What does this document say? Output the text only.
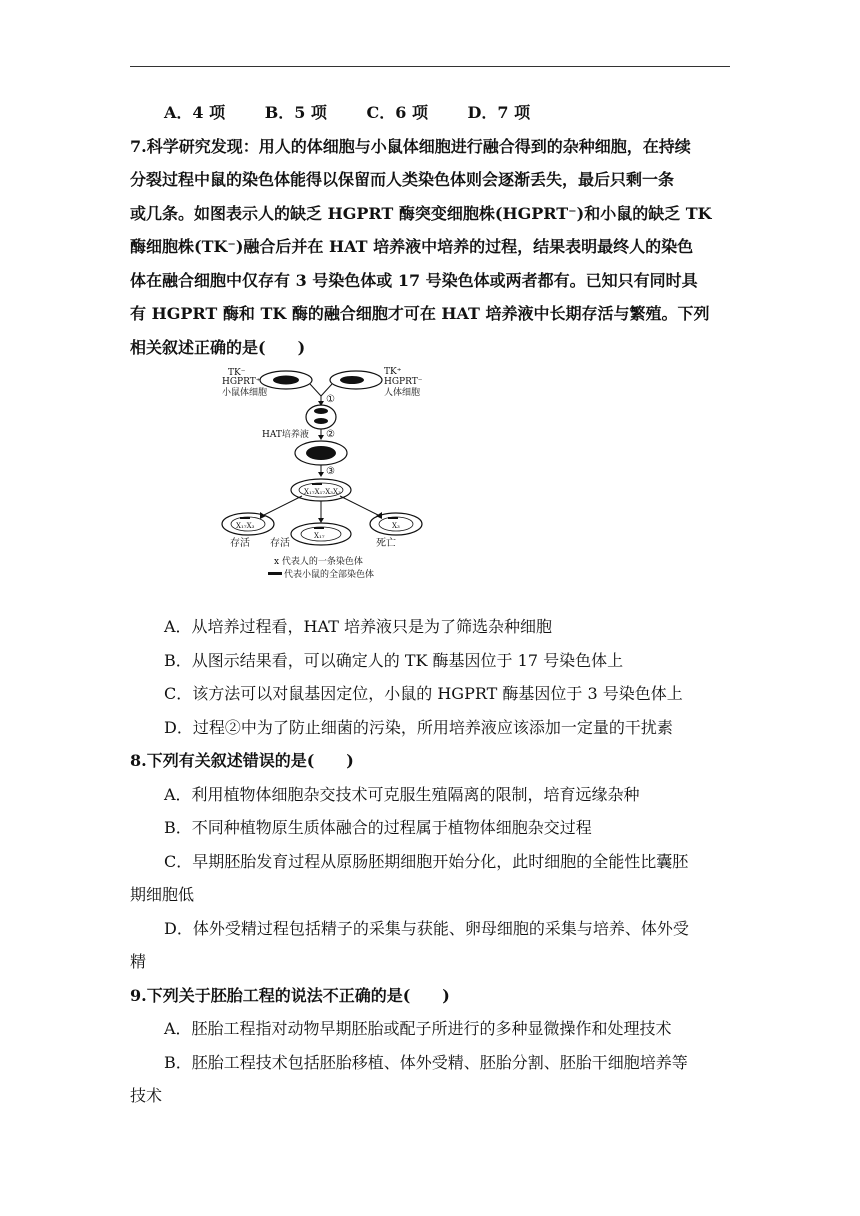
A．4 项 B．5 项 C．6 项 D．7 项
7.科学研究发现：用人的体细胞与小鼠体细胞进行融合得到的杂种细胞，在持续
分裂过程中鼠的染色体能得以保留而人类染色体则会逐渐丢失，最后只剩一条
或几条。如图表示人的缺乏 HGPRT 酶突变细胞株(HGPRT⁻)和小鼠的缺乏 TK
酶细胞株(TK⁻)融合后并在 HAT 培养液中培养的过程，结果表明最终人的染色
体在融合细胞中仅存有 3 号染色体或 17 号染色体或两者都有。已知只有同时具
有 HGPRT 酶和 TK 酶的融合细胞才可在 HAT 培养液中长期存活与繁殖。下列
相关叙述正确的是(　　)
TK⁻
HGPRT⁺
小鼠体细胞
TK⁺
HGPRT⁻
人体细胞
①
HAT培养液 ②
③
X₁₇X₁₇X₃X₃
X₁₇X₃
存活
X₁₇
存活
X₃
死亡
x 代表人的一条染色体
代表小鼠的全部染色体
A．从培养过程看，HAT 培养液只是为了筛选杂种细胞
B．从图示结果看，可以确定人的 TK 酶基因位于 17 号染色体上
C．该方法可以对鼠基因定位，小鼠的 HGPRT 酶基因位于 3 号染色体上
D．过程②中为了防止细菌的污染，所用培养液应该添加一定量的干扰素
8.下列有关叙述错误的是(　　)
A．利用植物体细胞杂交技术可克服生殖隔离的限制，培育远缘杂种
B．不同种植物原生质体融合的过程属于植物体细胞杂交过程
C．早期胚胎发育过程从原肠胚期细胞开始分化，此时细胞的全能性比囊胚
期细胞低
D．体外受精过程包括精子的采集与获能、卵母细胞的采集与培养、体外受
精
9.下列关于胚胎工程的说法不正确的是(　　)
A．胚胎工程指对动物早期胚胎或配子所进行的多种显微操作和处理技术
B．胚胎工程技术包括胚胎移植、体外受精、胚胎分割、胚胎干细胞培养等
技术
